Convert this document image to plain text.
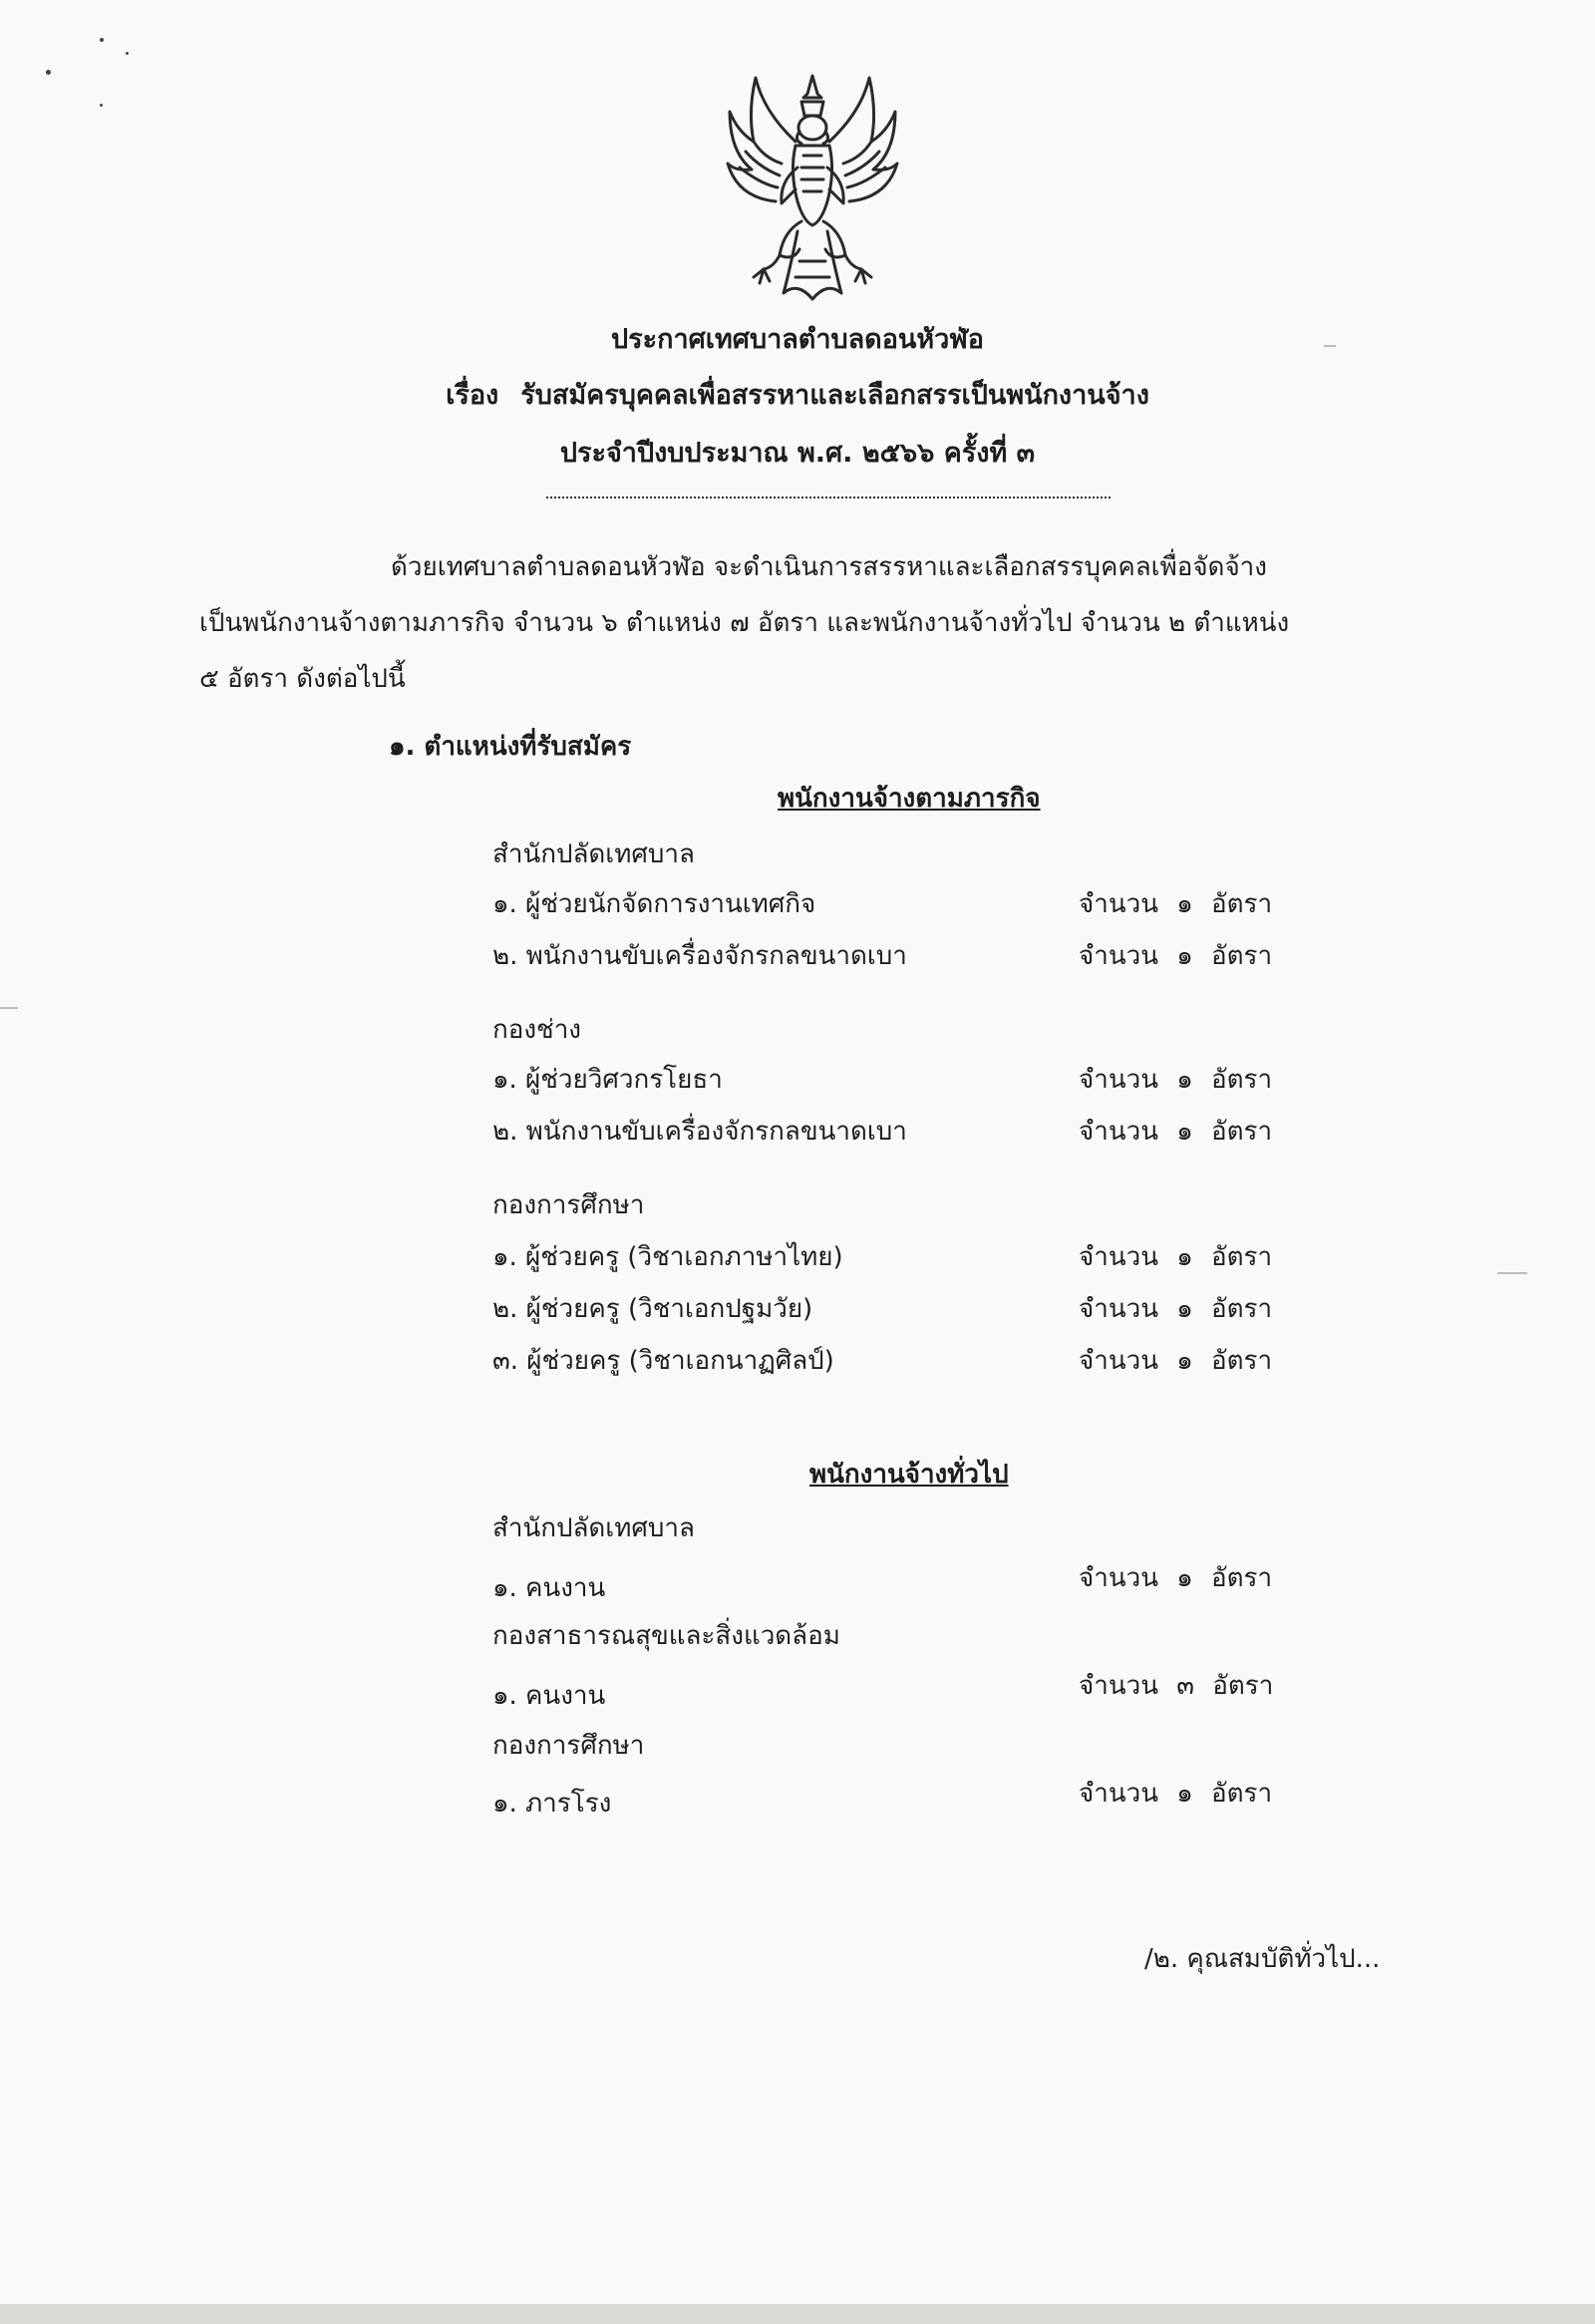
ประกาศเทศบาลตำบลดอนหัวฬ่อ
เรื่อง รับสมัครบุคคลเพื่อสรรหาและเลือกสรรเป็นพนักงานจ้าง
ประจำปีงบประมาณ พ.ศ. ๒๕๖๖ ครั้งที่ ๓
ด้วยเทศบาลตำบลดอนหัวฬ่อ จะดำเนินการสรรหาและเลือกสรรบุคคลเพื่อจัดจ้าง
เป็นพนักงานจ้างตามภารกิจ จำนวน ๖ ตำแหน่ง ๗ อัตรา และพนักงานจ้างทั่วไป จำนวน ๒ ตำแหน่ง
๕ อัตรา ดังต่อไปนี้
๑. ตำแหน่งที่รับสมัคร
พนักงานจ้างตามภารกิจ
สำนักปลัดเทศบาล
๑. ผู้ช่วยนักจัดการงานเทศกิจ	จำนวน ๑ อัตรา
๒. พนักงานขับเครื่องจักรกลขนาดเบา	จำนวน ๑ อัตรา
กองช่าง
๑. ผู้ช่วยวิศวกรโยธา	จำนวน ๑ อัตรา
๒. พนักงานขับเครื่องจักรกลขนาดเบา	จำนวน ๑ อัตรา
กองการศึกษา
๑. ผู้ช่วยครู (วิชาเอกภาษาไทย)	จำนวน ๑ อัตรา
๒. ผู้ช่วยครู (วิชาเอกปฐมวัย)	จำนวน ๑ อัตรา
๓. ผู้ช่วยครู (วิชาเอกนาฏศิลป์)	จำนวน ๑ อัตรา
พนักงานจ้างทั่วไป
สำนักปลัดเทศบาล
๑. คนงาน	จำนวน ๑ อัตรา
กองสาธารณสุขและสิ่งแวดล้อม
๑. คนงาน	จำนวน ๓ อัตรา
กองการศึกษา
๑. ภารโรง	จำนวน ๑ อัตรา
/๒. คุณสมบัติทั่วไป...
